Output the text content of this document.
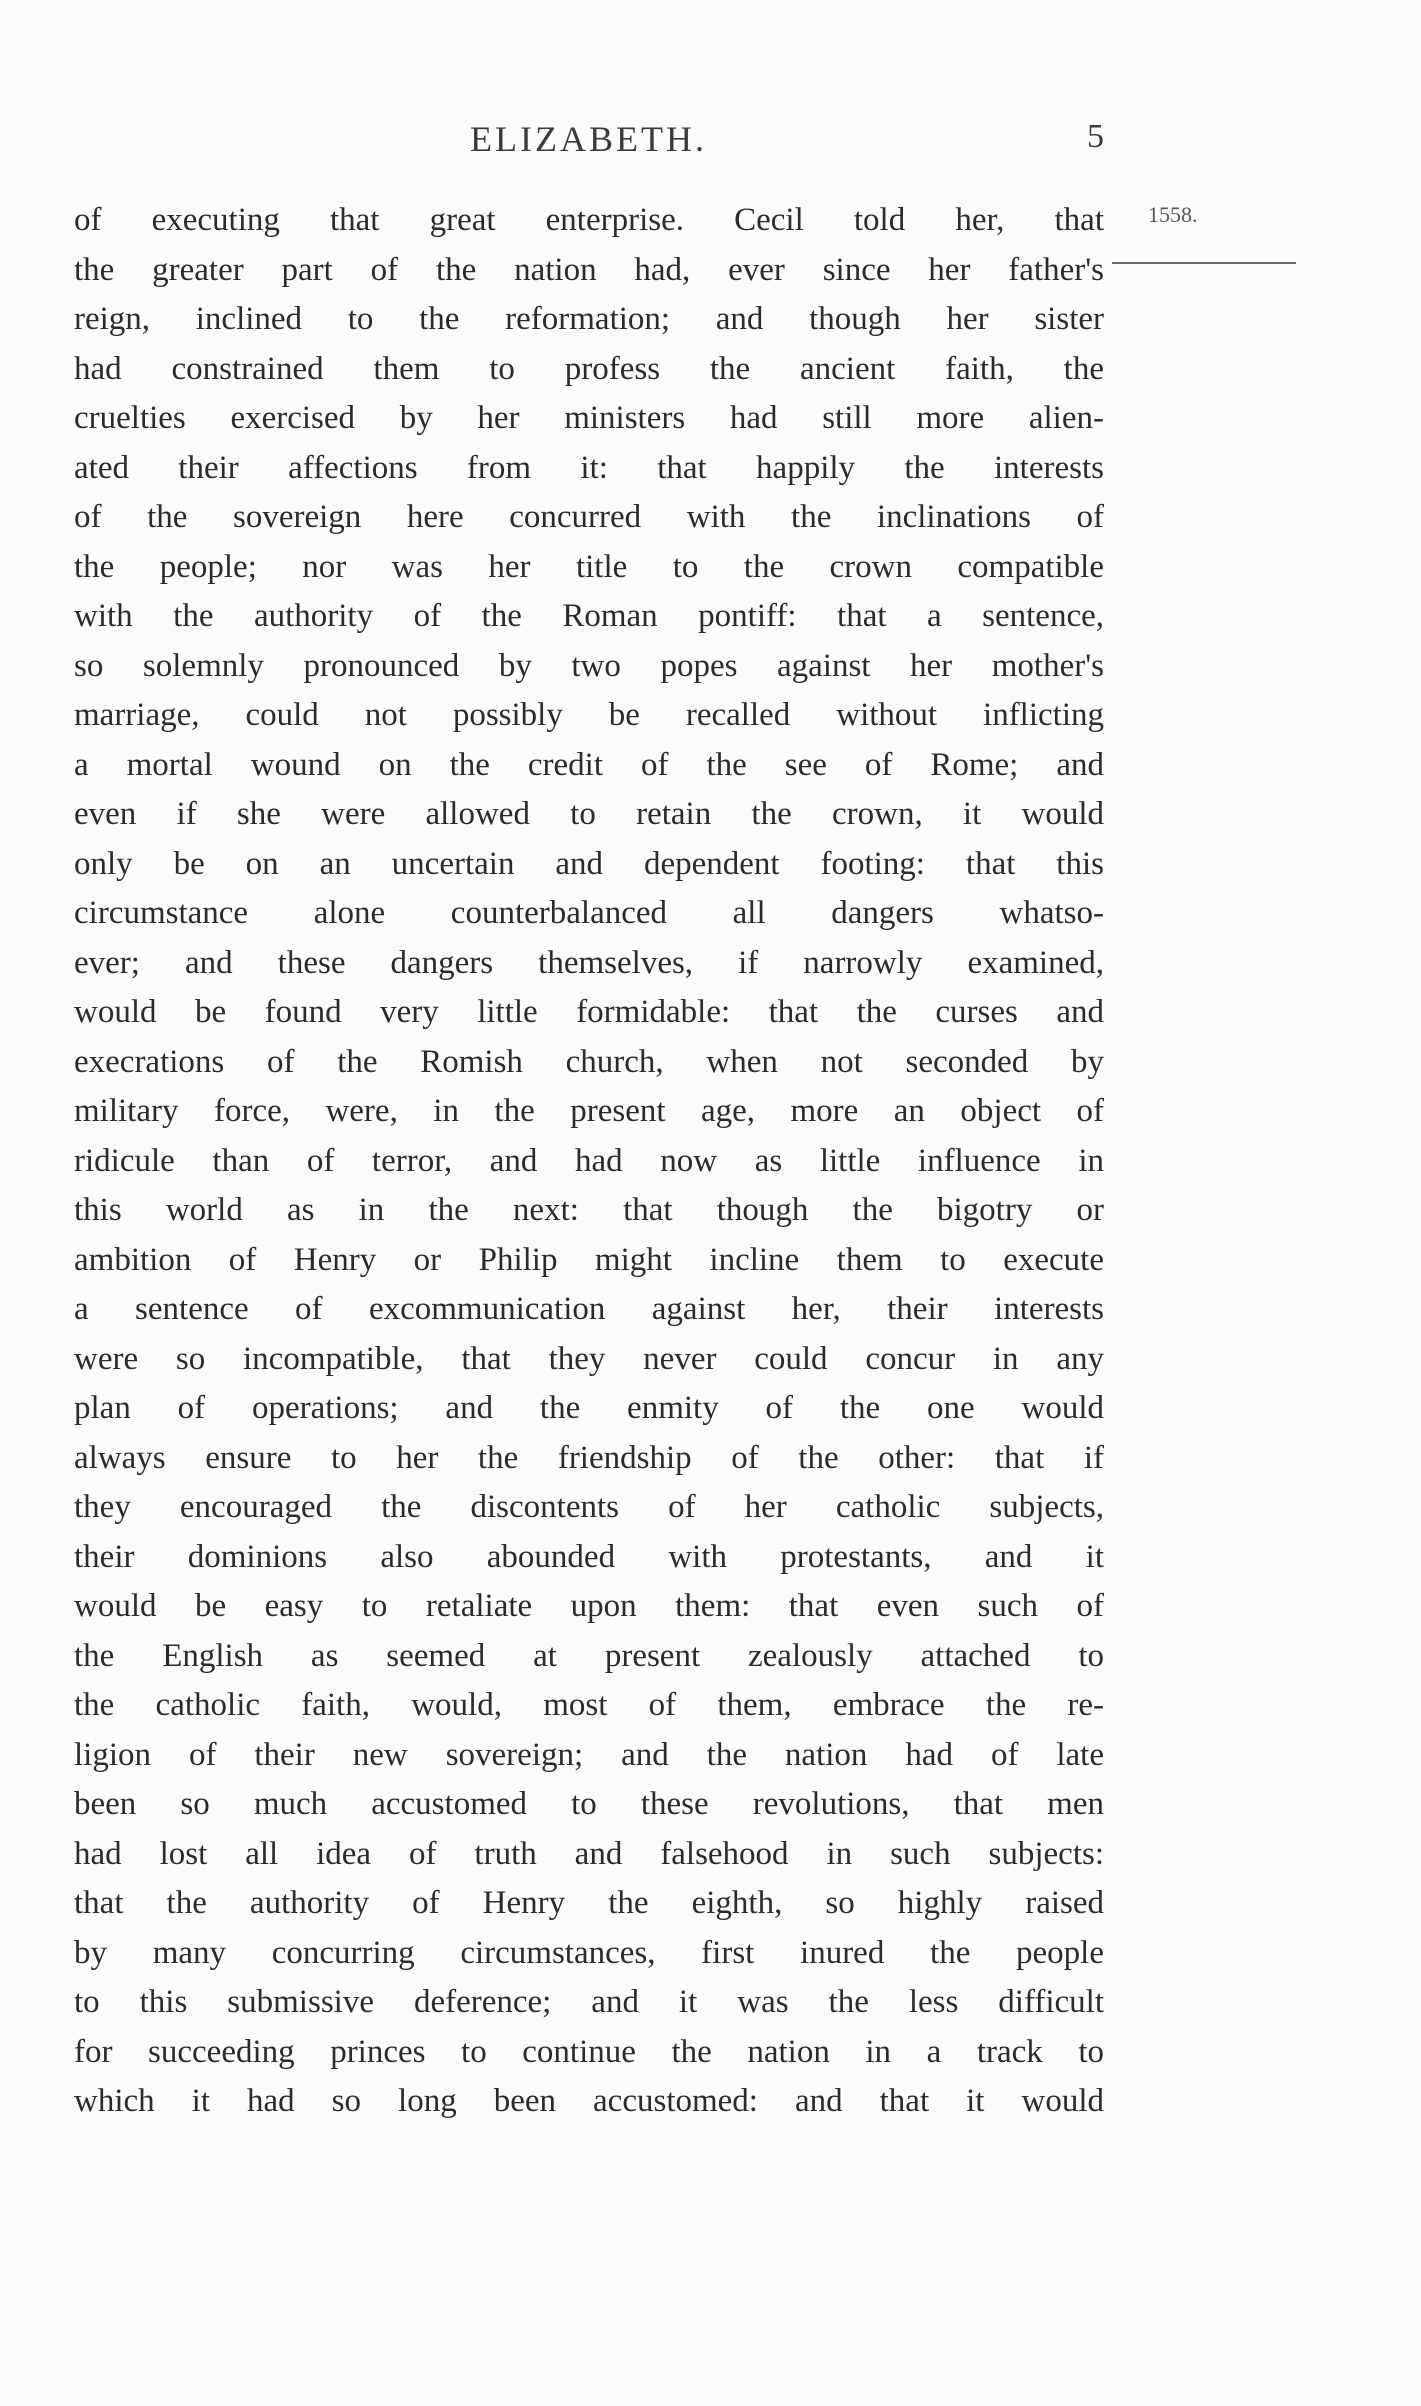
ELIZABETH.	5
1558.
of executing that great enterprise. Cecil told her, that
the greater part of the nation had, ever since her father's
reign, inclined to the reformation; and though her sister
had constrained them to profess the ancient faith, the
cruelties exercised by her ministers had still more alien-
ated their affections from it: that happily the interests
of the sovereign here concurred with the inclinations of
the people; nor was her title to the crown compatible
with the authority of the Roman pontiff: that a sentence,
so solemnly pronounced by two popes against her mother's
marriage, could not possibly be recalled without inflicting
a mortal wound on the credit of the see of Rome; and
even if she were allowed to retain the crown, it would
only be on an uncertain and dependent footing: that this
circumstance alone counterbalanced all dangers whatso-
ever; and these dangers themselves, if narrowly examined,
would be found very little formidable: that the curses and
execrations of the Romish church, when not seconded by
military force, were, in the present age, more an object of
ridicule than of terror, and had now as little influence in
this world as in the next: that though the bigotry or
ambition of Henry or Philip might incline them to execute
a sentence of excommunication against her, their interests
were so incompatible, that they never could concur in any
plan of operations; and the enmity of the one would
always ensure to her the friendship of the other: that if
they encouraged the discontents of her catholic subjects,
their dominions also abounded with protestants, and it
would be easy to retaliate upon them: that even such of
the English as seemed at present zealously attached to
the catholic faith, would, most of them, embrace the re-
ligion of their new sovereign; and the nation had of late
been so much accustomed to these revolutions, that men
had lost all idea of truth and falsehood in such subjects:
that the authority of Henry the eighth, so highly raised
by many concurring circumstances, first inured the people
to this submissive deference; and it was the less difficult
for succeeding princes to continue the nation in a track to
which it had so long been accustomed: and that it would
